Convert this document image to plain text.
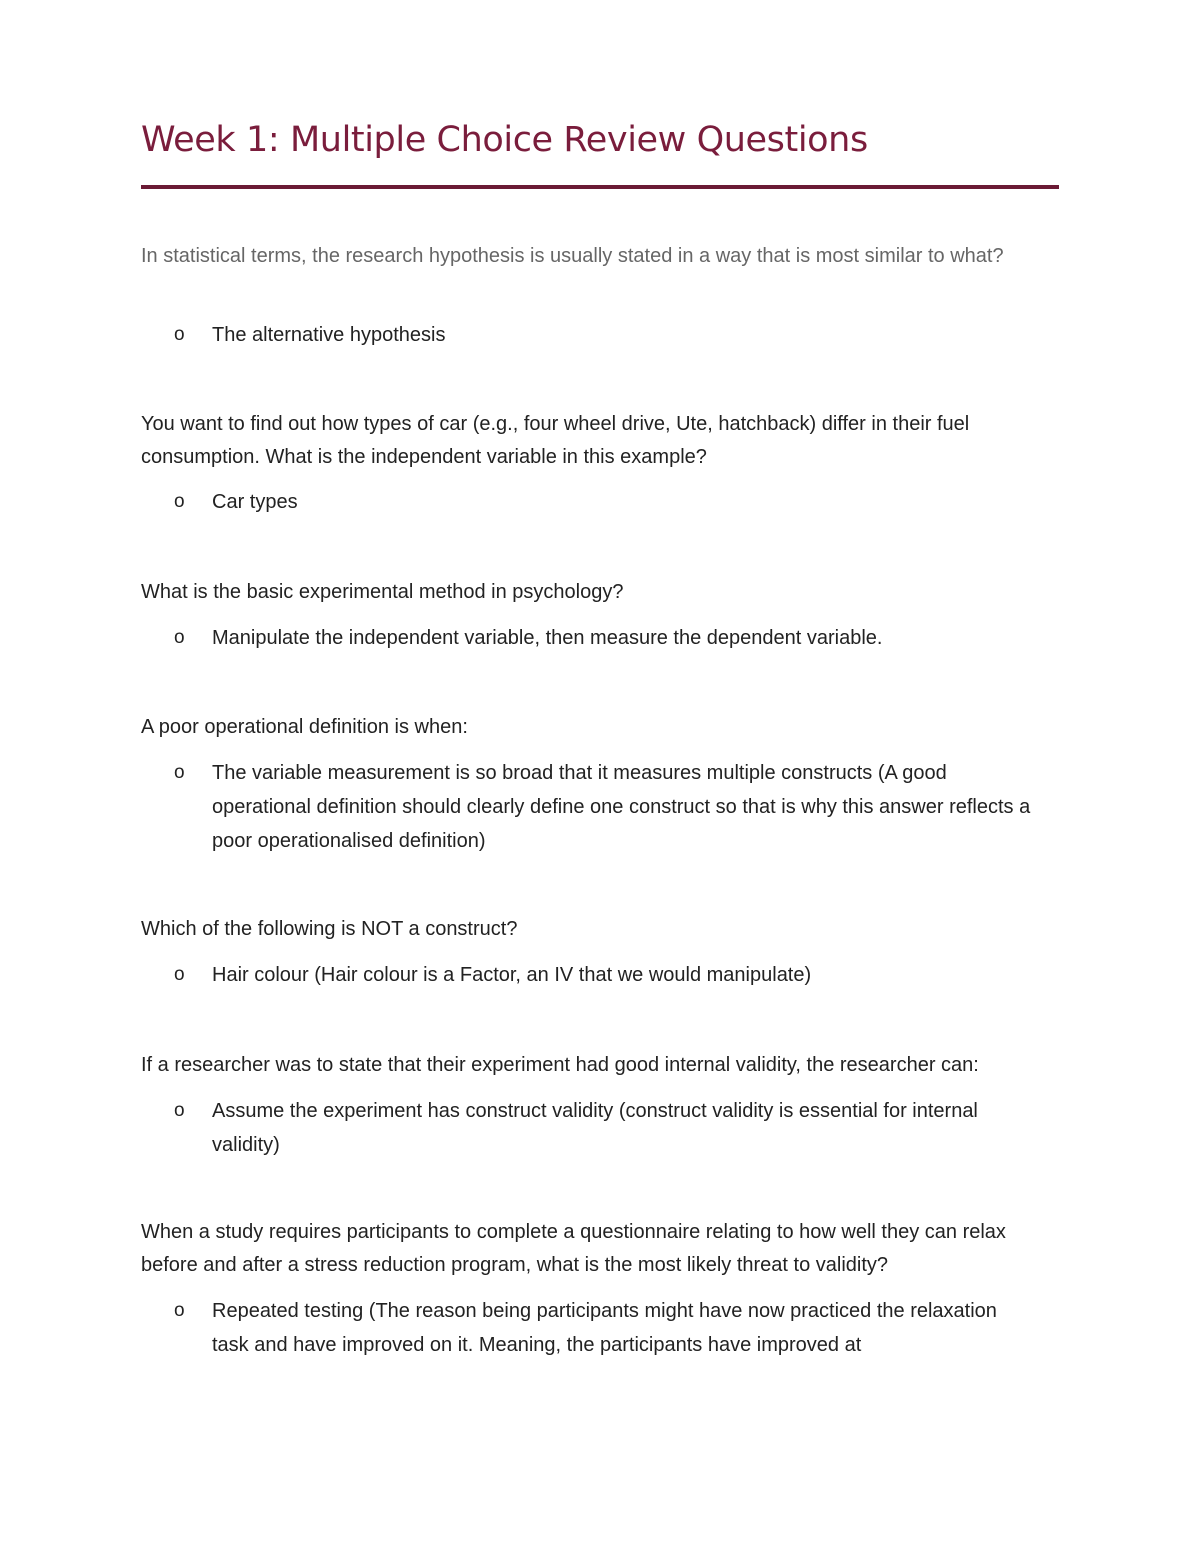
Week 1: Multiple Choice Review Questions

In statistical terms, the research hypothesis is usually stated in a way that is most similar to what?

o	The alternative hypothesis

You want to find out how types of car (e.g., four wheel drive, Ute, hatchback) differ in their fuel consumption. What is the independent variable in this example?

o	Car types

What is the basic experimental method in psychology?

o	Manipulate the independent variable, then measure the dependent variable.

A poor operational definition is when:

o	The variable measurement is so broad that it measures multiple constructs (A good operational definition should clearly define one construct so that is why this answer reflects a poor operationalised definition)

Which of the following is NOT a construct?

o	Hair colour (Hair colour is a Factor, an IV that we would manipulate)

If a researcher was to state that their experiment had good internal validity, the researcher can:

o	Assume the experiment has construct validity (construct validity is essential for internal validity)

When a study requires participants to complete a questionnaire relating to how well they can relax before and after a stress reduction program, what is the most likely threat to validity?

o	Repeated testing (The reason being participants might have now practiced the relaxation task and have improved on it. Meaning, the participants have improved at
